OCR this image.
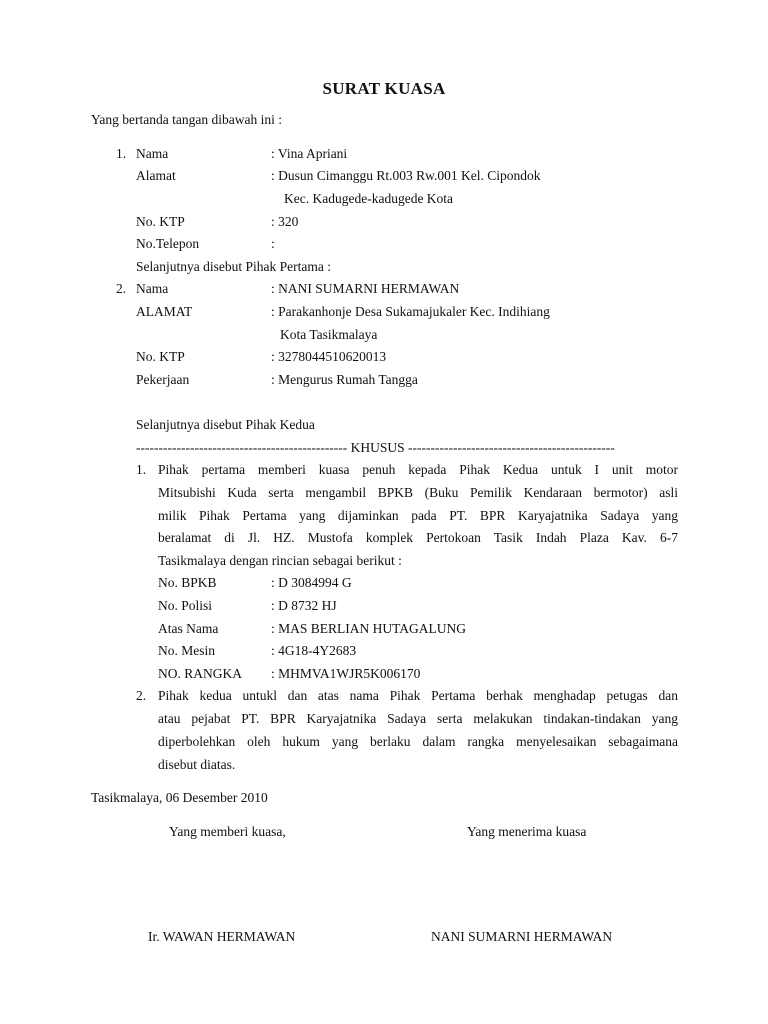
SURAT KUASA
Yang bertanda tangan dibawah ini :
1. Nama	: Vina Apriani
Alamat	: Dusun Cimanggu Rt.003 Rw.001 Kel. Cipondok
Kec. Kadugede-kadugede Kota
No. KTP	: 320
No.Telepon	:
Selanjutnya disebut Pihak Pertama :
2. Nama	: NANI SUMARNI HERMAWAN
ALAMAT	: Parakanhonje Desa Sukamajukaler Kec. Indihiang
Kota Tasikmalaya
No. KTP	: 3278044510620013
Pekerjaan	: Mengurus Rumah Tangga
Selanjutnya disebut Pihak Kedua
----------------------------------------------- KHUSUS ----------------------------------------------
1. Pihak pertama memberi kuasa penuh kepada Pihak Kedua untuk I unit motor
Mitsubishi Kuda serta mengambil BPKB (Buku Pemilik Kendaraan bermotor) asli
milik Pihak Pertama yang dijaminkan pada PT. BPR Karyajatnika Sadaya yang
beralamat di Jl. HZ. Mustofa komplek Pertokoan Tasik Indah Plaza Kav. 6-7
Tasikmalaya dengan rincian sebagai berikut :
No. BPKB	: D 3084994 G
No. Polisi	: D 8732 HJ
Atas Nama	: MAS BERLIAN HUTAGALUNG
No. Mesin	: 4G18-4Y2683
NO. RANGKA : MHMVA1WJR5K006170
2. Pihak kedua untukl dan atas nama Pihak Pertama berhak menghadap petugas dan
atau pejabat PT. BPR Karyajatnika Sadaya serta melakukan tindakan-tindakan yang
diperbolehkan oleh hukum yang berlaku dalam rangka menyelesaikan sebagaimana
disebut diatas.
Tasikmalaya, 06 Desember 2010
Yang memberi kuasa,	Yang menerima kuasa
Ir. WAWAN HERMAWAN	NANI SUMARNI HERMAWAN
